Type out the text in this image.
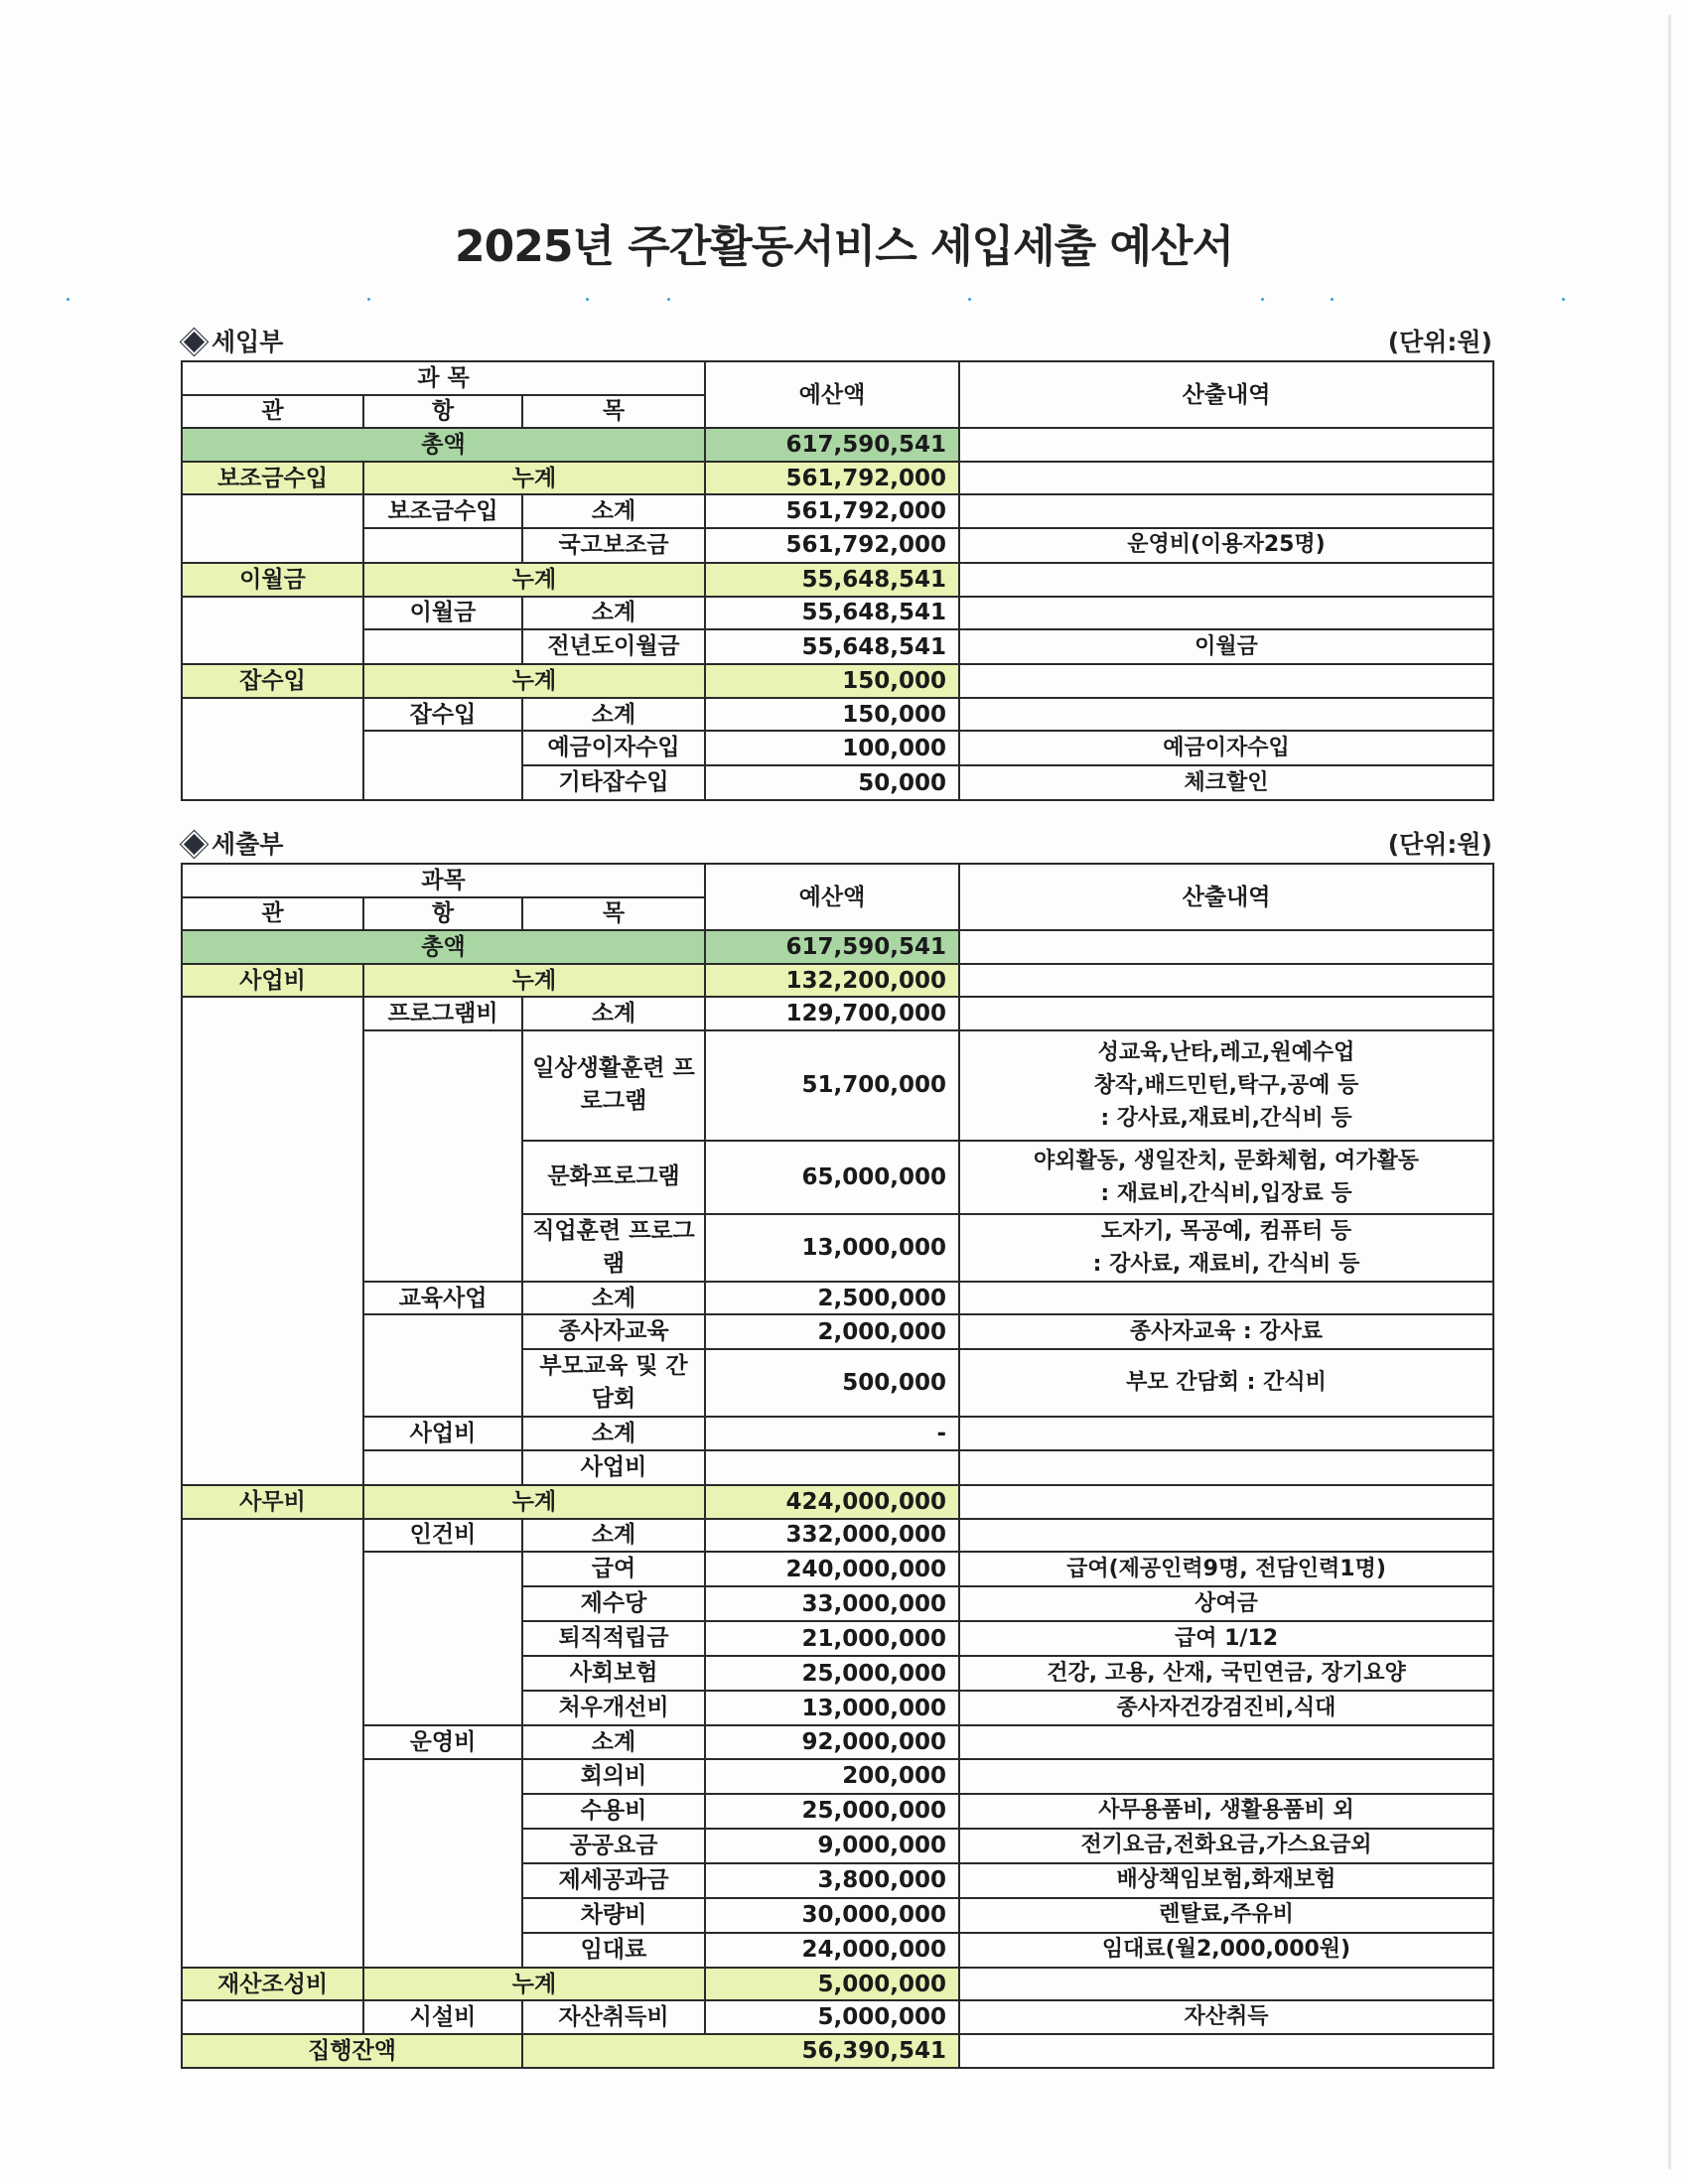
2025년 주간활동서비스 세입세출 예산서
세입부	(단위:원)
과 목			예산액	산출내역
관	항	목		
총액			617,590,541	
보조금수입	누계		561,792,000	
	보조금수입	소계	561,792,000	
		국고보조금	561,792,000	운영비(이용자25명)
이월금	누계		55,648,541	
	이월금	소계	55,648,541	
		전년도이월금	55,648,541	이월금
잡수입	누계		150,000	
	잡수입	소계	150,000	
		예금이자수입	100,000	예금이자수입
		기타잡수입	50,000	체크할인
세출부	(단위:원)
과목			예산액	산출내역
관	항	목		
총액			617,590,541	
사업비	누계		132,200,000	
	프로그램비	소계	129,700,000	
		일상생활훈련 프로그램	51,700,000	성교육,난타,레고,원예수업
창작,배드민턴,탁구,공예 등
: 강사료,재료비,간식비 등

		문화프로그램	65,000,000	야외활동, 생일잔치, 문화체험, 여가활동
: 재료비,간식비,입장료 등

		직업훈련 프로그램	13,000,000	도자기, 목공예, 컴퓨터 등
: 강사료, 재료비, 간식비 등

	교육사업	소계	2,500,000	
		종사자교육	2,000,000	종사자교육 : 강사료

		부모교육 및 간담회	500,000	부모 간담회 : 간식비

	사업비	소계	-	
		사업비		

사무비	누계		424,000,000	
	인건비	소계	332,000,000	
		급여	240,000,000	급여(제공인력9명, 전담인력1명)

		제수당	33,000,000	상여금

		퇴직적립금	21,000,000	급여 1/12

		사회보험	25,000,000	건강, 고용, 산재, 국민연금, 장기요양

		처우개선비	13,000,000	종사자건강검진비,식대

	운영비	소계	92,000,000	
		회의비	200,000	

		수용비	25,000,000	사무용품비, 생활용품비 외

		공공요금	9,000,000	전기요금,전화요금,가스요금외

		제세공과금	3,800,000	배상책임보험,화재보험

		차량비	30,000,000	렌탈료,주유비

		임대료	24,000,000	임대료(월2,000,000원)

재산조성비	누계		5,000,000	
	시설비	자산취득비	5,000,000	자산취득

집행잔액		56,390,541		
